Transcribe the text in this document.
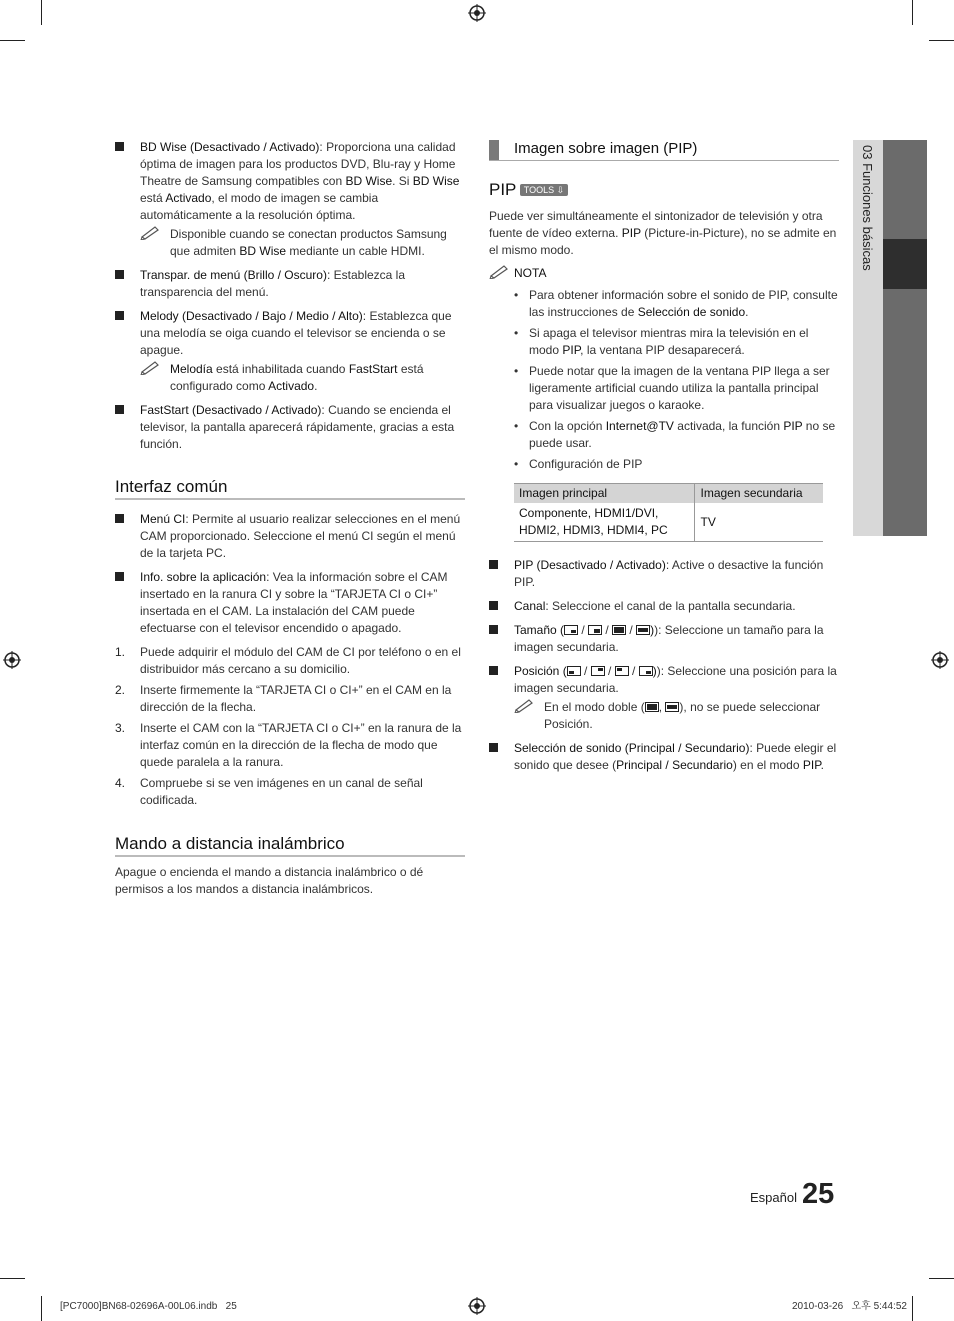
03 Funciones básicas
BD Wise (Desactivado / Activado): Proporciona una calidad óptima de imagen para los productos DVD, Blu-ray y Home Theatre de Samsung compatibles con BD Wise. Si BD Wise está Activado, el modo de imagen se cambia automáticamente a la resolución óptima.
Disponible cuando se conectan productos Samsung que admiten BD Wise mediante un cable HDMI.
Transpar. de menú (Brillo / Oscuro): Establezca la transparencia del menú.
Melody (Desactivado / Bajo / Medio / Alto): Establezca que una melodía se oiga cuando el televisor se encienda o se apague.
Melodía está inhabilitada cuando FastStart está configurado como Activado.
FastStart (Desactivado / Activado): Cuando se encienda el televisor, la pantalla aparecerá rápidamente, gracias a esta función.
Interfaz común
Menú CI: Permite al usuario realizar selecciones en el menú CAM proporcionado. Seleccione el menú CI según el menú de la tarjeta PC.
Info. sobre la aplicación: Vea la información sobre el CAM insertado en la ranura CI y sobre la “TARJETA CI o CI+” insertada en el CAM. La instalación del CAM puede efectuarse con el televisor encendido o apagado.
1. Puede adquirir el módulo del CAM de CI por teléfono o en el distribuidor más cercano a su domicilio.
2. Inserte firmemente la “TARJETA CI o CI+” en el CAM en la dirección de la flecha.
3. Inserte el CAM con la “TARJETA CI o CI+” en la ranura de la interfaz común en la dirección de la flecha de modo que quede paralela a la ranura.
4. Compruebe si se ven imágenes en un canal de señal codificada.
Mando a distancia inalámbrico
Apague o encienda el mando a distancia inalámbrico o dé permisos a los mandos a distancia inalámbricos.
Imagen sobre imagen (PIP)
PIP TOOLS ⇩
Puede ver simultáneamente el sintonizador de televisión y otra fuente de vídeo externa. PIP (Picture-in-Picture), no se admite en el mismo modo.
NOTA
• Para obtener información sobre el sonido de PIP, consulte las instrucciones de Selección de sonido.
• Si apaga el televisor mientras mira la televisión en el modo PIP, la ventana PIP desaparecerá.
• Puede notar que la imagen de la ventana PIP llega a ser ligeramente artificial cuando utiliza la pantalla principal para visualizar juegos o karaoke.
• Con la opción Internet@TV activada, la función PIP no se puede usar.
• Configuración de PIP
Imagen principal	Imagen secundaria
Componente, HDMI1/DVI,
HDMI2, HDMI3, HDMI4, PC	TV
PIP (Desactivado / Activado): Active o desactive la función PIP.
Canal: Seleccione el canal de la pantalla secundaria.
Tamaño (
/
/
/
)): Seleccione un tamaño para la imagen secundaria.
Posición (
/
/
/
)): Seleccione una posición para la imagen secundaria.
En el modo doble ( ,
), no se puede seleccionar Posición.
Selección de sonido (Principal / Secundario): Puede elegir el sonido que desee (Principal / Secundario) en el modo PIP.
Español 25
[PC7000]BN68-02696A-00L06.indb   25	2010-03-26   오후 5:44:52
